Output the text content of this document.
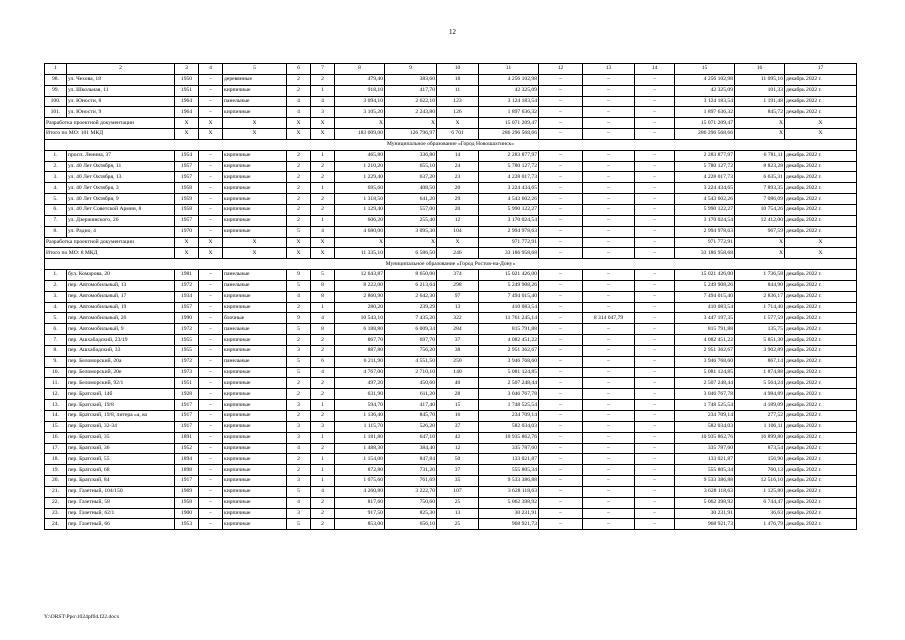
12
1	2	3	4	5	6	7	8	9	10	11	12	13	14	15	16	17
98.	ул. Чехова, 18	1950	–	деревянные	2	2	479,40	383,60	18	4 256 102,98	–	–	–	4 256 102,98	11 095,16	декабрь 2022 г.
99.	ул. Школьная, 11	1951	–	кирпичные	2	1	918,10	417,70	11	42 325,09	–	–	–	42 325,09	101,33	декабрь 2022 г.
100.	ул. Юности, 8	1964	–	панельные	4	4	3 094,10	2 622,10	123	3 124 183,54	–	–	–	3 124 183,54	1 191,48	декабрь 2022 г.
101.	ул. Юности, 9	1964	–	кирпичные	4	3	3 105,20	2 243,80	126	1 897 636,32	–	–	–	1 897 636,32	845,72	декабрь 2022 г.
Разработка проектной документации		X	X	X	X	X	X	X	X	15 071 209,47	–	–	–	15 071 209,47	X	X
Итого по МО: 101 МКД		X	X	X	X	X	183 009,00	126 796,97	6 701	286 296 568,66	–	–	–	286 296 568,66	X	X
Муниципальное образование «Город Новошахтинск»																
1.	просп. Ленина, 37	1954	–	кирпичные	2	1	465,80	336,80	14	2 283 877,97	–	–	–	2 283 877,97	6 781,11	декабрь 2022 г.
2.	ул. 40 Лет Октября, 11	1957	–	кирпичные	2	2	1 210,20	655,10	24	5 780 127,72	–	–	–	5 780 127,72	8 823,28	декабрь 2022 г.
3.	ул. 40 Лет Октября, 13	1957	–	кирпичные	2	2	1 229,40	637,20	23	4 228 017,73	–	–	–	4 228 017,73	6 635,31	декабрь 2022 г.
4.	ул. 40 Лет Октября, 3	1958	–	кирпичные	2	1	695,60	408,50	20	3 224 434,65	–	–	–	3 224 434,65	7 893,35	декабрь 2022 г.
5.	ул. 40 Лет Октября, 9	1959	–	кирпичные	2	2	1 318,50	641,20	29	4 543 602,26	–	–	–	4 543 602,26	7 086,09	декабрь 2022 г.
6.	ул. 40 Лет Советской Армии, 8	1958	–	кирпичные	2	2	1 129,40	557,00	20	5 990 122,27	–	–	–	5 990 122,27	10 754,26	декабрь 2022 г.
7.	ул. Дзержинского, 26	1957	–	кирпичные	2	1	606,20	255,40	12	3 170 024,54	–	–	–	3 170 024,54	12 412,00	декабрь 2022 г.
8.	ул. Радио, 4	1970	–	кирпичные	5	4	4 680,00	3 095,30	104	2 994 978,63	–	–	–	2 994 978,63	967,59	декабрь 2022 г.
Разработка проектной документации		X	X	X	X	X	X	X	X	971 772,91	–	–	–	971 772,91	X	X
Итого по МО: 8 МКД		X	X	X	X	X	11 335,10	6 586,50	246	33 186 958,68	–	–	–	33 186 958,68	X	X
Муниципальное образование «Город Ростов-на-Дону»																
1.	бул. Комарова, 20	1981	–	панельные	9	5	12 643,87	8 650,00	374	15 021 426,00	–	–	–	15 021 426,00	1 736,58	декабрь 2022 г.
2.	пер. Автомобильный, 13	1972	–	панельные	5	8	8 222,00	6 213,64	298	5 249 908,26	–	–	–	5 249 908,26	844,90	декабрь 2022 г.
3.	пер. Автомобильный, 17	1934	–	кирпичные	4	8	2 860,90	2 642,30	97	7 494 015,40	–	–	–	7 494 015,40	2 836,17	декабрь 2022 г.
4.	пер. Автомобильный, 19	1957	–	кирпичные	2	1	280,20	239,29	13	410 083,54	–	–	–	410 083,54	1 714,40	декабрь 2022 г.
5.	пер. Автомобильный, 26	1990	–	блочные	9	4	10 543,10	7 435,20	322	11 761 245,14	–	8 314 047,79	–	3 447 197,35	1 577,59	декабрь 2022 г.
6.	пер. Автомобильный, 9	1972	–	панельные	5	8	6 188,80	6 009,34	284	815 791,88	–	–	–	815 791,88	135,75	декабрь 2022 г.
7.	пер. Ашхабадский, 23/19	1955	–	кирпичные	2	2	867,70	697,70	37	4 082 451,22	–	–	–	4 082 451,22	5 851,30	декабрь 2022 г.
8.	пер. Ашхабадский, 33	1955	–	кирпичные	3	2	887,80	756,20	38	2 951 362,67	–	–	–	2 951 362,67	3 902,89	декабрь 2022 г.
9.	пер. Беломорский, 20а	1972	–	панельные	5	6	6 211,90	4 551,50	250	3 946 768,60	–	–	–	3 946 768,60	867,14	декабрь 2022 г.
10.	пер. Беломорский, 20е	1973	–	кирпичные	5	4	4 767,00	2 710,10	140	5 081 124,85	–	–	–	5 081 124,85	1 874,88	декабрь 2022 г.
11.	пер. Беломорский, 92/1	1951	–	кирпичные	2	2	497,20	450,60	40	2 507 248,44	–	–	–	2 507 248,44	5 564,24	декабрь 2022 г.
12.	пер. Братский, 14б	1928	–	кирпичные	2	2	631,90	611,20	28	3 046 767,78	–	–	–	3 046 767,78	4 984,89	декабрь 2022 г.
13.	пер. Братский, 19/8	1917	–	кирпичные	3	1	594,70	417,40	15	1 748 525,54	–	–	–	1 748 525,54	4 189,09	декабрь 2022 г.
14.	пер. Братский, 19/8, литера «а, ко	1917	–	кирпичные	2	2	1 136,40	845,70	16	234 709,14	–	–	–	234 709,14	277,52	декабрь 2022 г.
15.	пер. Братский, 32-34	1917	–	кирпичные	3	3	1 115,70	526,20	37	582 034,03	–	–	–	582 034,03	1 106,11	декабрь 2022 г.
16.	пер. Братский, 35	1891	–	кирпичные	3	1	1 181,80	647,10	42	10 935 862,76	–	–	–	10 935 862,76	16 899,80	декабрь 2022 г.
17.	пер. Братский, 36	1952	–	кирпичные	4	2	1 488,30	384,40	12	335 787,60	–	–	–	335 787,60	873,54	декабрь 2022 г.
18.	пер. Братский, 55	1894	–	кирпичные	2	1	1 154,00	847,84	50	133 021,87	–	–	–	133 021,87	156,90	декабрь 2022 г.
19.	пер. Братский, 68	1898	–	кирпичные	2	1	872,80	731,20	37	555 805,34	–	–	–	555 805,34	760,13	декабрь 2022 г.
20.	пер. Братский, 84	1917	–	кирпичные	3	1	1 075,60	761,69	35	9 533 386,88	–	–	–	9 533 386,88	12 516,10	декабрь 2022 г.
21.	пер. Газетный, 104/150	1969	–	кирпичные	5	4	4 260,80	3 222,70	107	3 628 118,63	–	–	–	3 628 118,63	1 125,80	декабрь 2022 г.
22.	пер. Газетный, 58	1958	–	кирпичные	4	2	817,60	750,60	25	5 062 398,92	–	–	–	5 062 398,92	6 744,47	декабрь 2022 г.
23.	пер. Газетный, 62/1	1900	–	кирпичные	3	2	917,50	825,30	13	30 231,91	–	–	–	30 231,91	36,63	декабрь 2022 г.
24.	пер. Газетный, 66	1953	–	кирпичные	5	2	853,00	656,10	25	968 921,73	–	–	–	968 921,73	1 476,79	декабрь 2022 г.
Y:\ORST\Ppo\1024pf04.f22.docx
